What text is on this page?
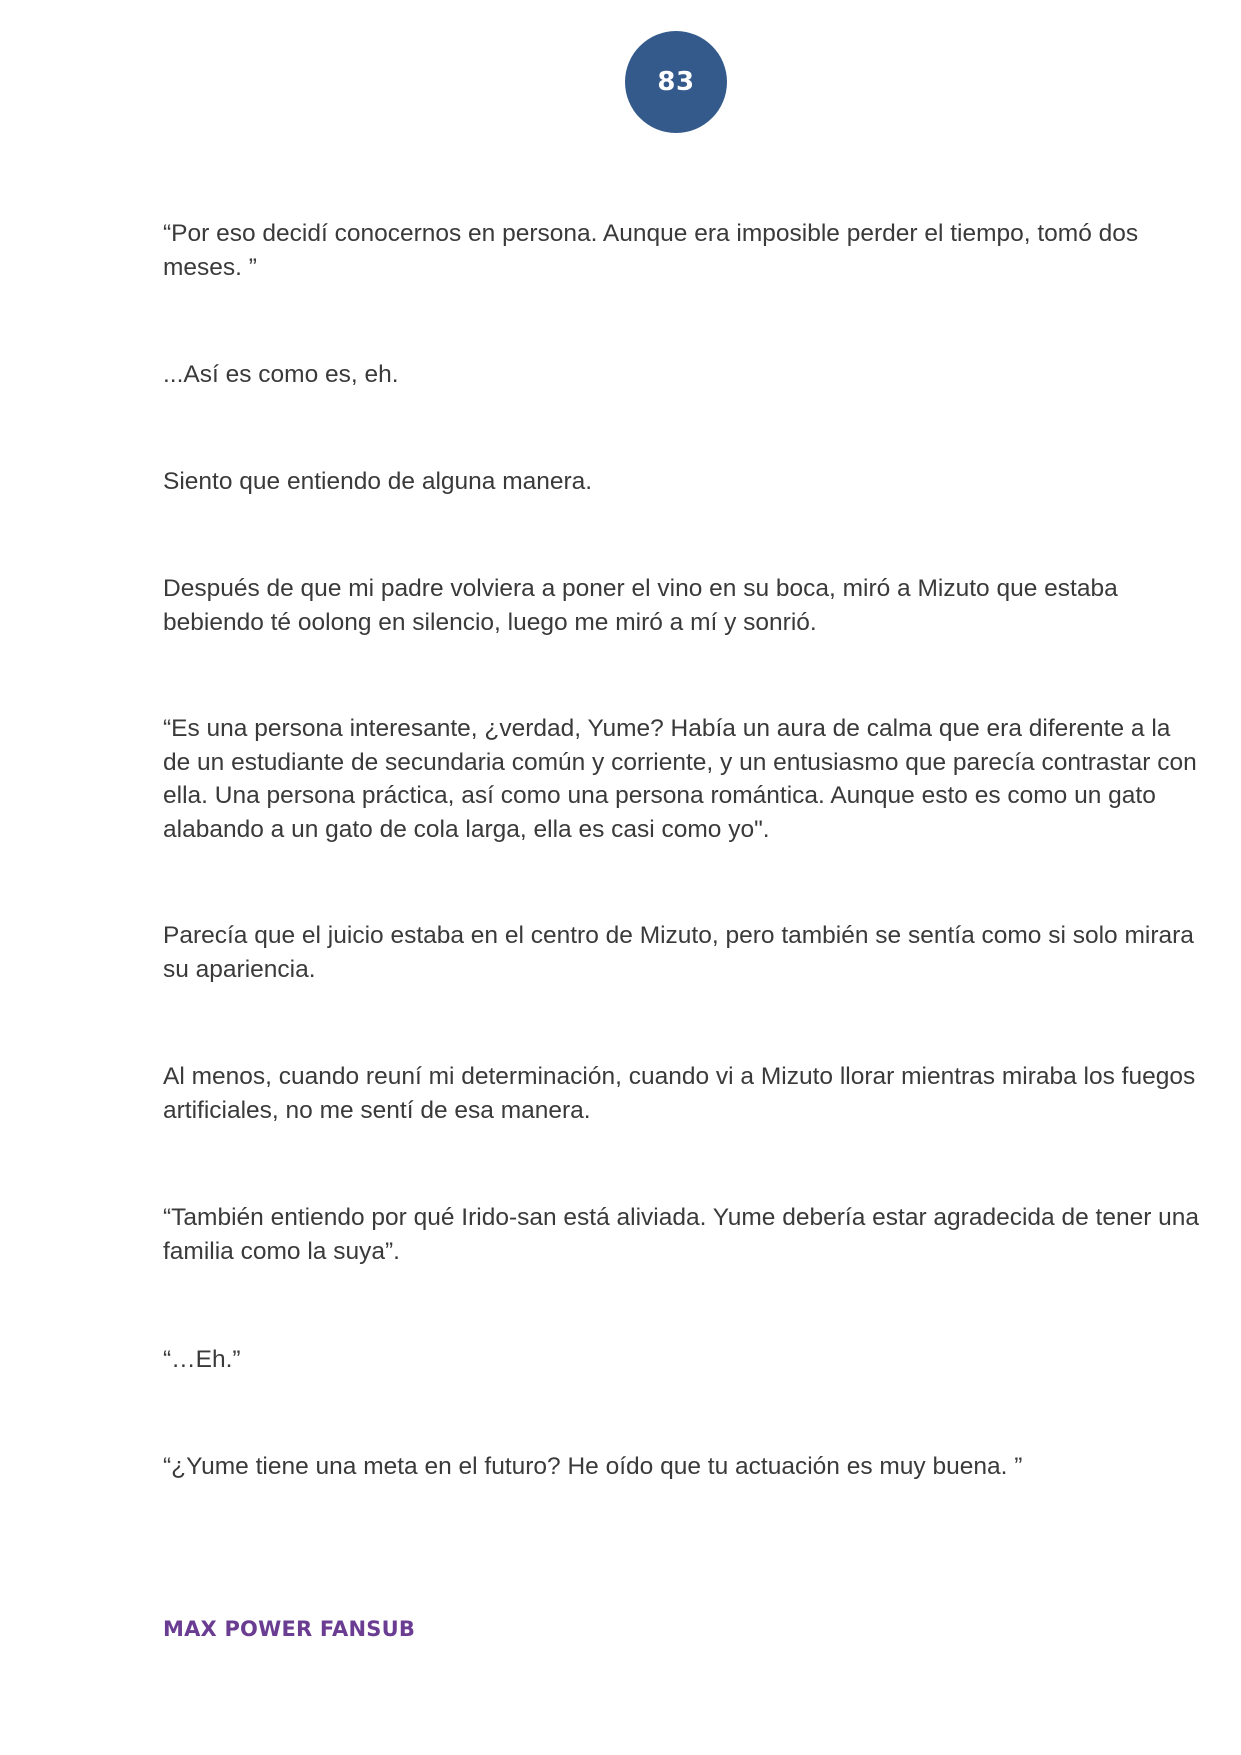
83

“Por eso decidí conocernos en persona. Aunque era imposible perder el tiempo, tomó dos meses. ”

...Así es como es, eh.

Siento que entiendo de alguna manera.

Después de que mi padre volviera a poner el vino en su boca, miró a Mizuto que estaba bebiendo té oolong en silencio, luego me miró a mí y sonrió.

“Es una persona interesante, ¿verdad, Yume? Había un aura de calma que era diferente a la de un estudiante de secundaria común y corriente, y un entusiasmo que parecía contrastar con ella. Una persona práctica, así como una persona romántica. Aunque esto es como un gato alabando a un gato de cola larga, ella es casi como yo".

Parecía que el juicio estaba en el centro de Mizuto, pero también se sentía como si solo mirara su apariencia.

Al menos, cuando reuní mi determinación, cuando vi a Mizuto llorar mientras miraba los fuegos artificiales, no me sentí de esa manera.

“También entiendo por qué Irido-san está aliviada. Yume debería estar agradecida de tener una familia como la suya”.

“…Eh.”

“¿Yume tiene una meta en el futuro? He oído que tu actuación es muy buena. ”

MAX POWER FANSUB
